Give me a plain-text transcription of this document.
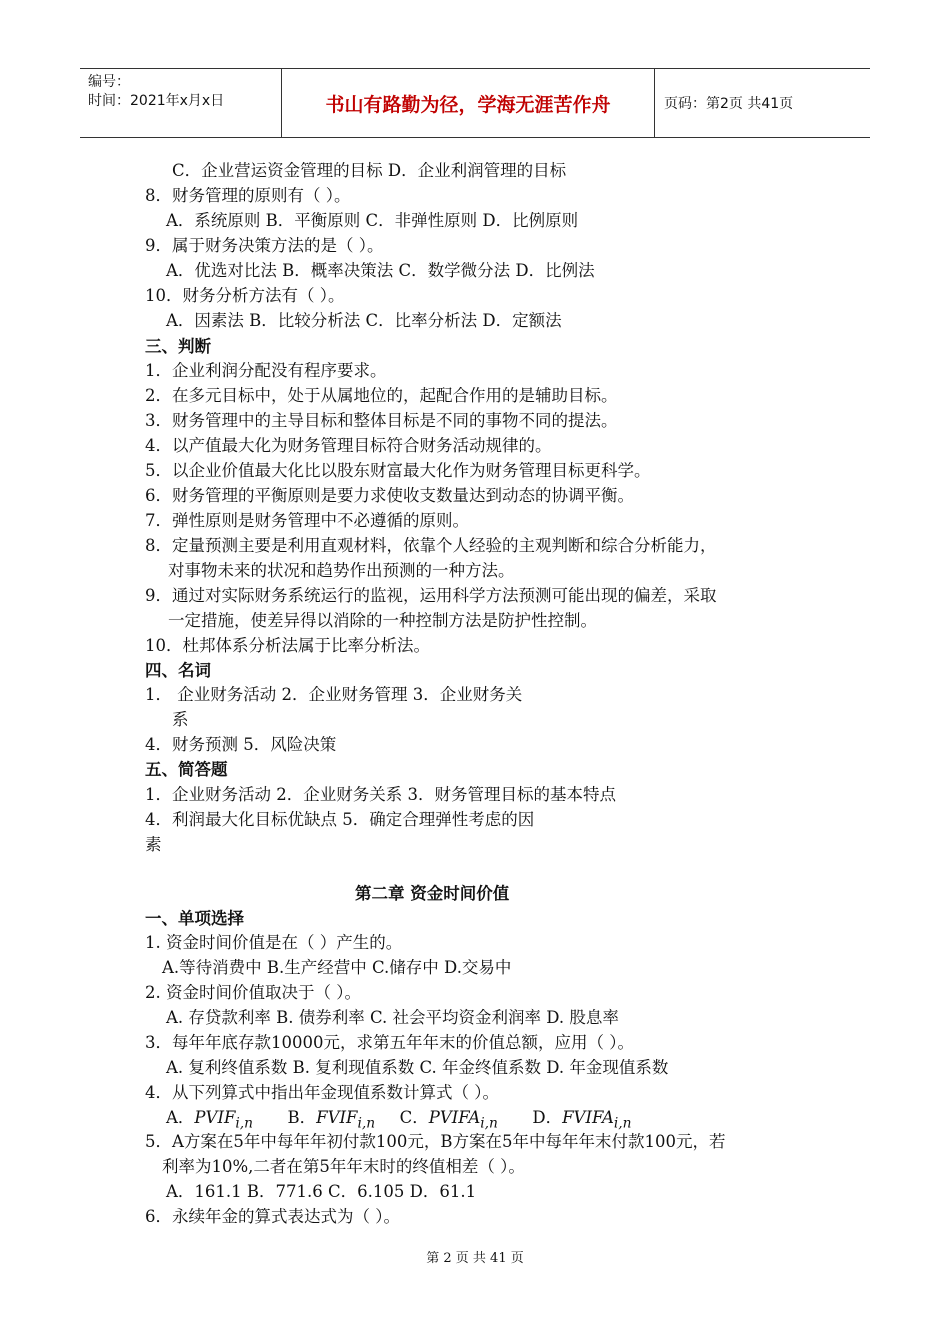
编号：
时间：2021年x月x日	书山有路勤为径，学海无涯苦作舟	页码：第2页 共41页
C．企业营运资金管理的目标 D．企业利润管理的目标
8．财务管理的原则有（ ）。
A．系统原则 B．平衡原则 C．非弹性原则 D．比例原则
9．属于财务决策方法的是（ ）。
A．优选对比法 B．概率决策法 C．数学微分法 D．比例法
10．财务分析方法有（ ）。
A．因素法 B．比较分析法 C．比率分析法 D．定额法
三、判断
1．企业利润分配没有程序要求。
2．在多元目标中，处于从属地位的，起配合作用的是辅助目标。
3．财务管理中的主导目标和整体目标是不同的事物不同的提法。
4．以产值最大化为财务管理目标符合财务活动规律的。
5．以企业价值最大化比以股东财富最大化作为财务管理目标更科学。
6．财务管理的平衡原则是要力求使收支数量达到动态的协调平衡。
7．弹性原则是财务管理中不必遵循的原则。
8．定量预测主要是利用直观材料，依靠个人经验的主观判断和综合分析能力，
对事物未来的状况和趋势作出预测的一种方法。
9．通过对实际财务系统运行的监视，运用科学方法预测可能出现的偏差，采取
一定措施，使差异得以消除的一种控制方法是防护性控制。
10．杜邦体系分析法属于比率分析法。
四、名词
1． 企业财务活动 2．企业财务管理 3．企业财务关
系
4．财务预测 5．风险决策
五、简答题
1．企业财务活动 2．企业财务关系 3．财务管理目标的基本特点
4．利润最大化目标优缺点 5．确定合理弹性考虑的因
素
第二章 资金时间价值
一、单项选择
1. 资金时间价值是在（ ）产生的。
A.等待消费中 B.生产经营中 C.储存中 D.交易中
2. 资金时间价值取决于（ ）。
A. 存贷款利率 B. 债券利率 C. 社会平均资金利润率 D. 股息率
3．每年年底存款10000元，求第五年年末的价值总额，应用（ ）。
A. 复利终值系数 B. 复利现值系数 C. 年金终值系数 D. 年金现值系数
4．从下列算式中指出年金现值系数计算式（ ）。
A．$PVIF_{i,n}$ B．$FVIF_{i,n}$ C．$PVIFA_{i,n}$ D．$FVIFA_{i,n}$
5．A方案在5年中每年年初付款100元，B方案在5年中每年年末付款100元，若
利率为10%,二者在第5年年末时的终值相差（ ）。
A．161.1 B．771.6 C．6.105 D．61.1
6．永续年金的算式表达式为（ ）。
第 2 页 共 41 页
